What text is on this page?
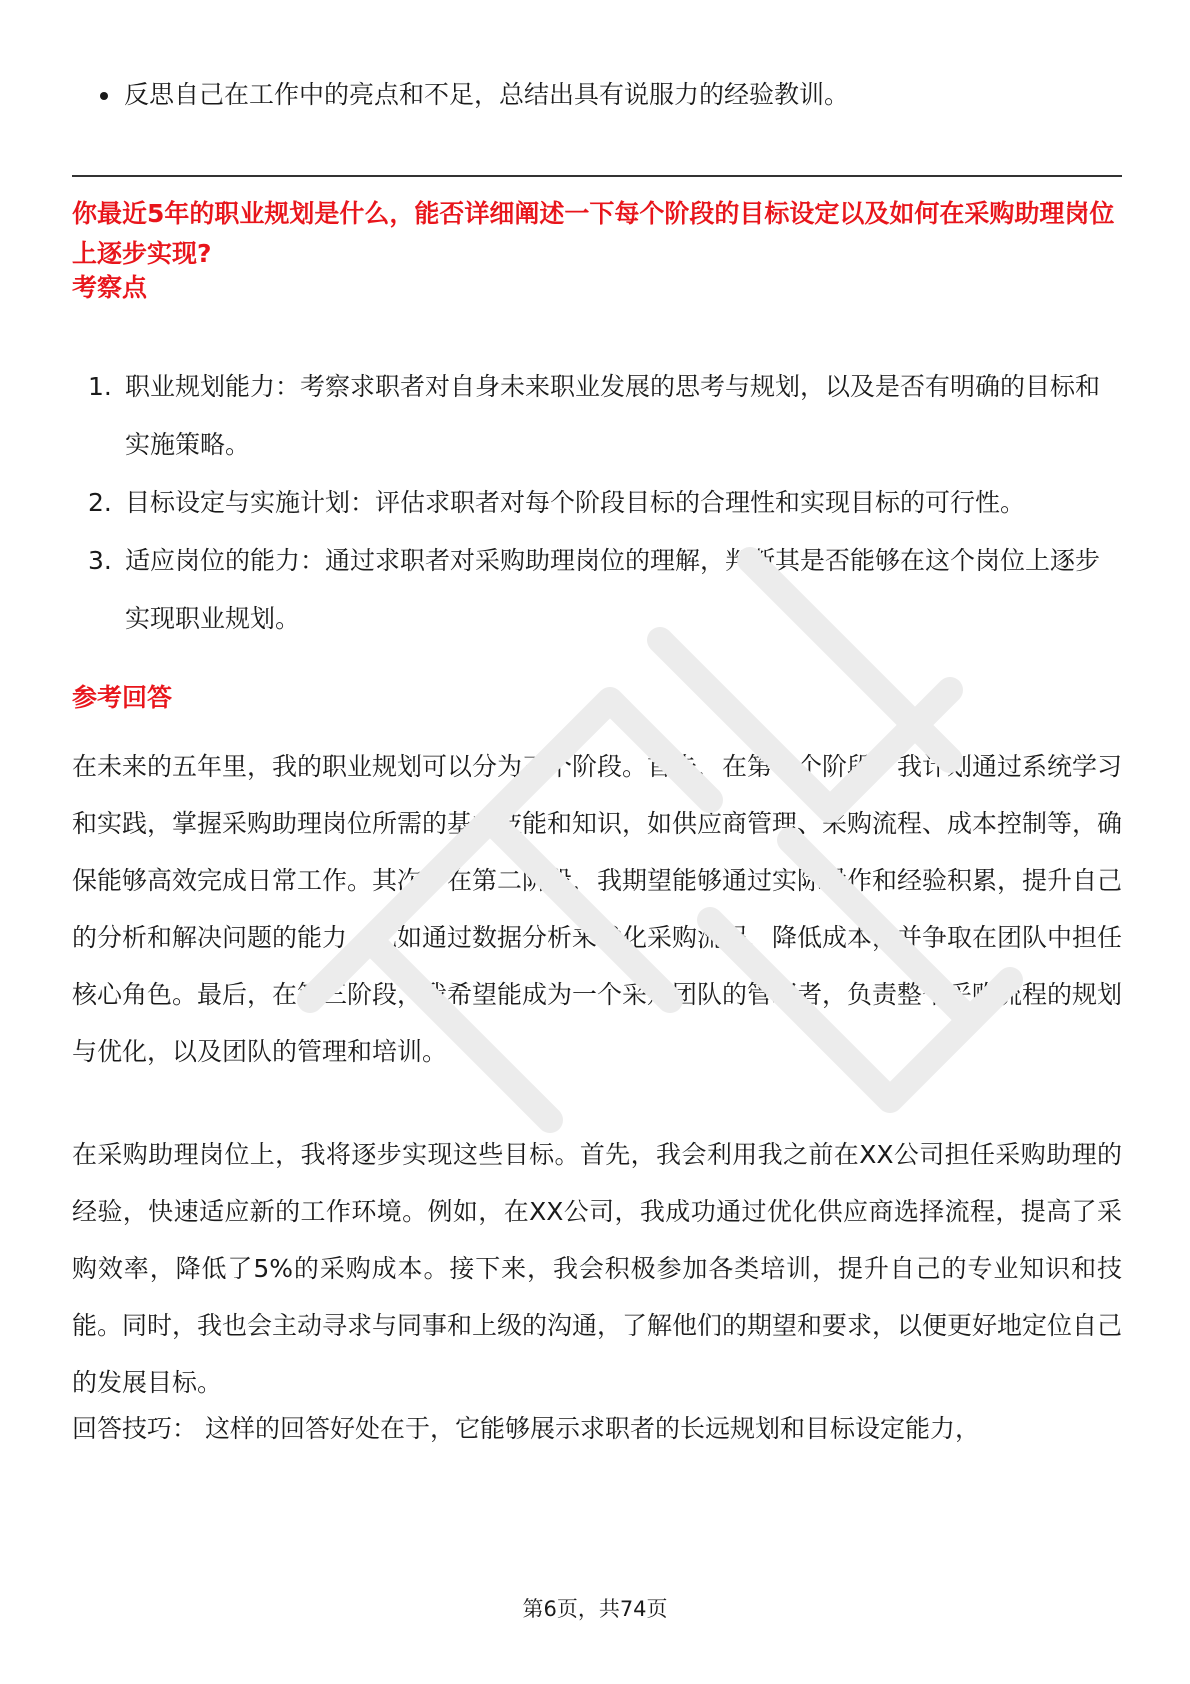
反思自己在工作中的亮点和不足，总结出具有说服力的经验教训。

你最近5年的职业规划是什么，能否详细阐述一下每个阶段的目标设定以及如何在采购助理岗位上逐步实现?

考察点

1. 职业规划能力：考察求职者对自身未来职业发展的思考与规划，以及是否有明确的目标和实施策略。
2. 目标设定与实施计划：评估求职者对每个阶段目标的合理性和实现目标的可行性。
3. 适应岗位的能力：通过求职者对采购助理岗位的理解，判断其是否能够在这个岗位上逐步实现职业规划。

参考回答

在未来的五年里，我的职业规划可以分为三个阶段。首先，在第一个阶段，我计划通过系统学习和实践，掌握采购助理岗位所需的基本技能和知识，如供应商管理、采购流程、成本控制等，确保能够高效完成日常工作。其次，在第二阶段，我期望能够通过实际操作和经验积累，提升自己的分析和解决问题的能力，比如通过数据分析来优化采购流程，降低成本，并争取在团队中担任核心角色。最后，在第三阶段，我希望能成为一个采购团队的管理者，负责整个采购流程的规划与优化，以及团队的管理和培训。

在采购助理岗位上，我将逐步实现这些目标。首先，我会利用我之前在XX公司担任采购助理的经验，快速适应新的工作环境。例如，在XX公司，我成功通过优化供应商选择流程，提高了采购效率，降低了5%的采购成本。接下来，我会积极参加各类培训，提升自己的专业知识和技能。同时，我也会主动寻求与同事和上级的沟通，了解他们的期望和要求，以便更好地定位自己的发展目标。

回答技巧： 这样的回答好处在于，它能够展示求职者的长远规划和目标设定能力，

第6页，共74页
